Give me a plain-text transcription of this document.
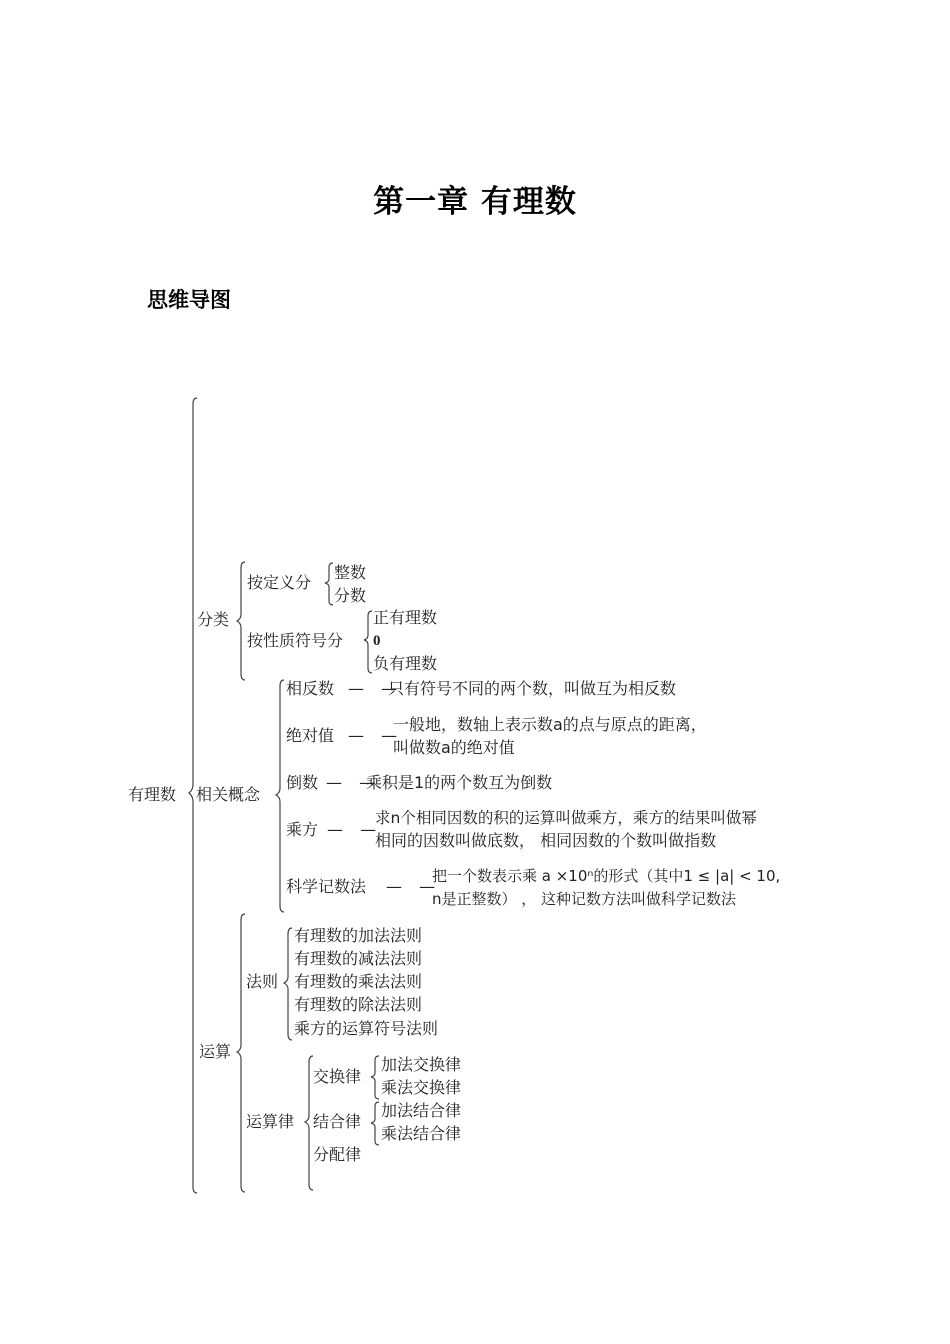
第一章 有理数
思维导图
有理数
分类
按定义分
整数
分数
按性质符号分
正有理数
0
负有理数
相关概念
相反数 — —
只有符号不同的两个数，叫做互为相反数
绝对值 — —
一般地，数轴上表示数a的点与原点的距离，
叫做数a的绝对值
倒数 — —
乘积是1的两个数互为倒数
乘方 — —
求n个相同因数的积的运算叫做乘方，乘方的结果叫做幂
相同的因数叫做底数， 相同因数的个数叫做指数
科学记数法 — —
把一个数表示乘 a ×10ⁿ的形式（其中1 ≤ |a| < 10,
n是正整数） ， 这种记数方法叫做科学记数法
运算
法则
有理数的加法法则
有理数的减法法则
有理数的乘法法则
有理数的除法法则
乘方的运算符号法则
运算律
交换律
加法交换律
乘法交换律
结合律
加法结合律
乘法结合律
分配律
